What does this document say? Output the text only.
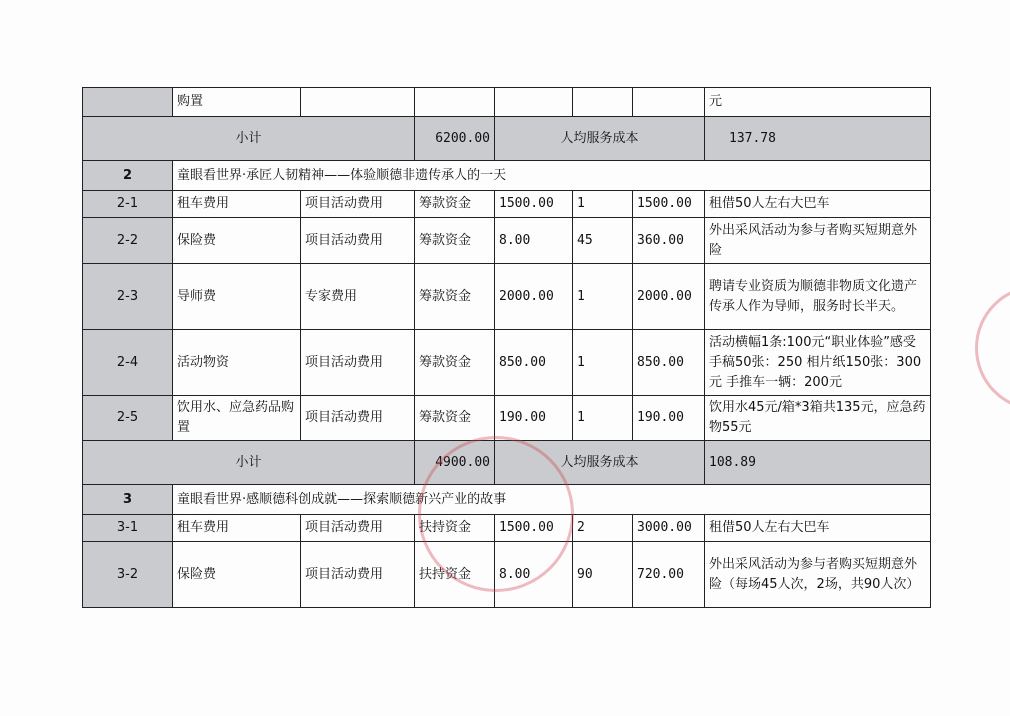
	购置						元
小计			6200.00	人均服务成本			137.78
2	童眼看世界·承匠人韧精神——体验顺德非遗传承人的一天						
2-1	租车费用	项目活动费用	筹款资金	1500.00	1	1500.00	租借50人左右大巴车
2-2	保险费	项目活动费用	筹款资金	8.00	45	360.00	外出采风活动为参与者购买短期意外险
2-3	导师费	专家费用	筹款资金	2000.00	1	2000.00	聘请专业资质为顺德非物质文化遗产传承人作为导师，服务时长半天。
2-4	活动物资	项目活动费用	筹款资金	850.00	1	850.00	活动横幅1条:100元“职业体验”感受手稿50张：250 相片纸150张：300元 手推车一辆：200元
2-5	饮用水、应急药品购置	项目活动费用	筹款资金	190.00	1	190.00	饮用水45元/箱*3箱共135元，应急药物55元
小计			4900.00	人均服务成本			108.89
3	童眼看世界·感顺德科创成就——探索顺德新兴产业的故事						
3-1	租车费用	项目活动费用	扶持资金	1500.00	2	3000.00	租借50人左右大巴车
3-2	保险费	项目活动费用	扶持资金	8.00	90	720.00	外出采风活动为参与者购买短期意外险（每场45人次，2场，共90人次）
